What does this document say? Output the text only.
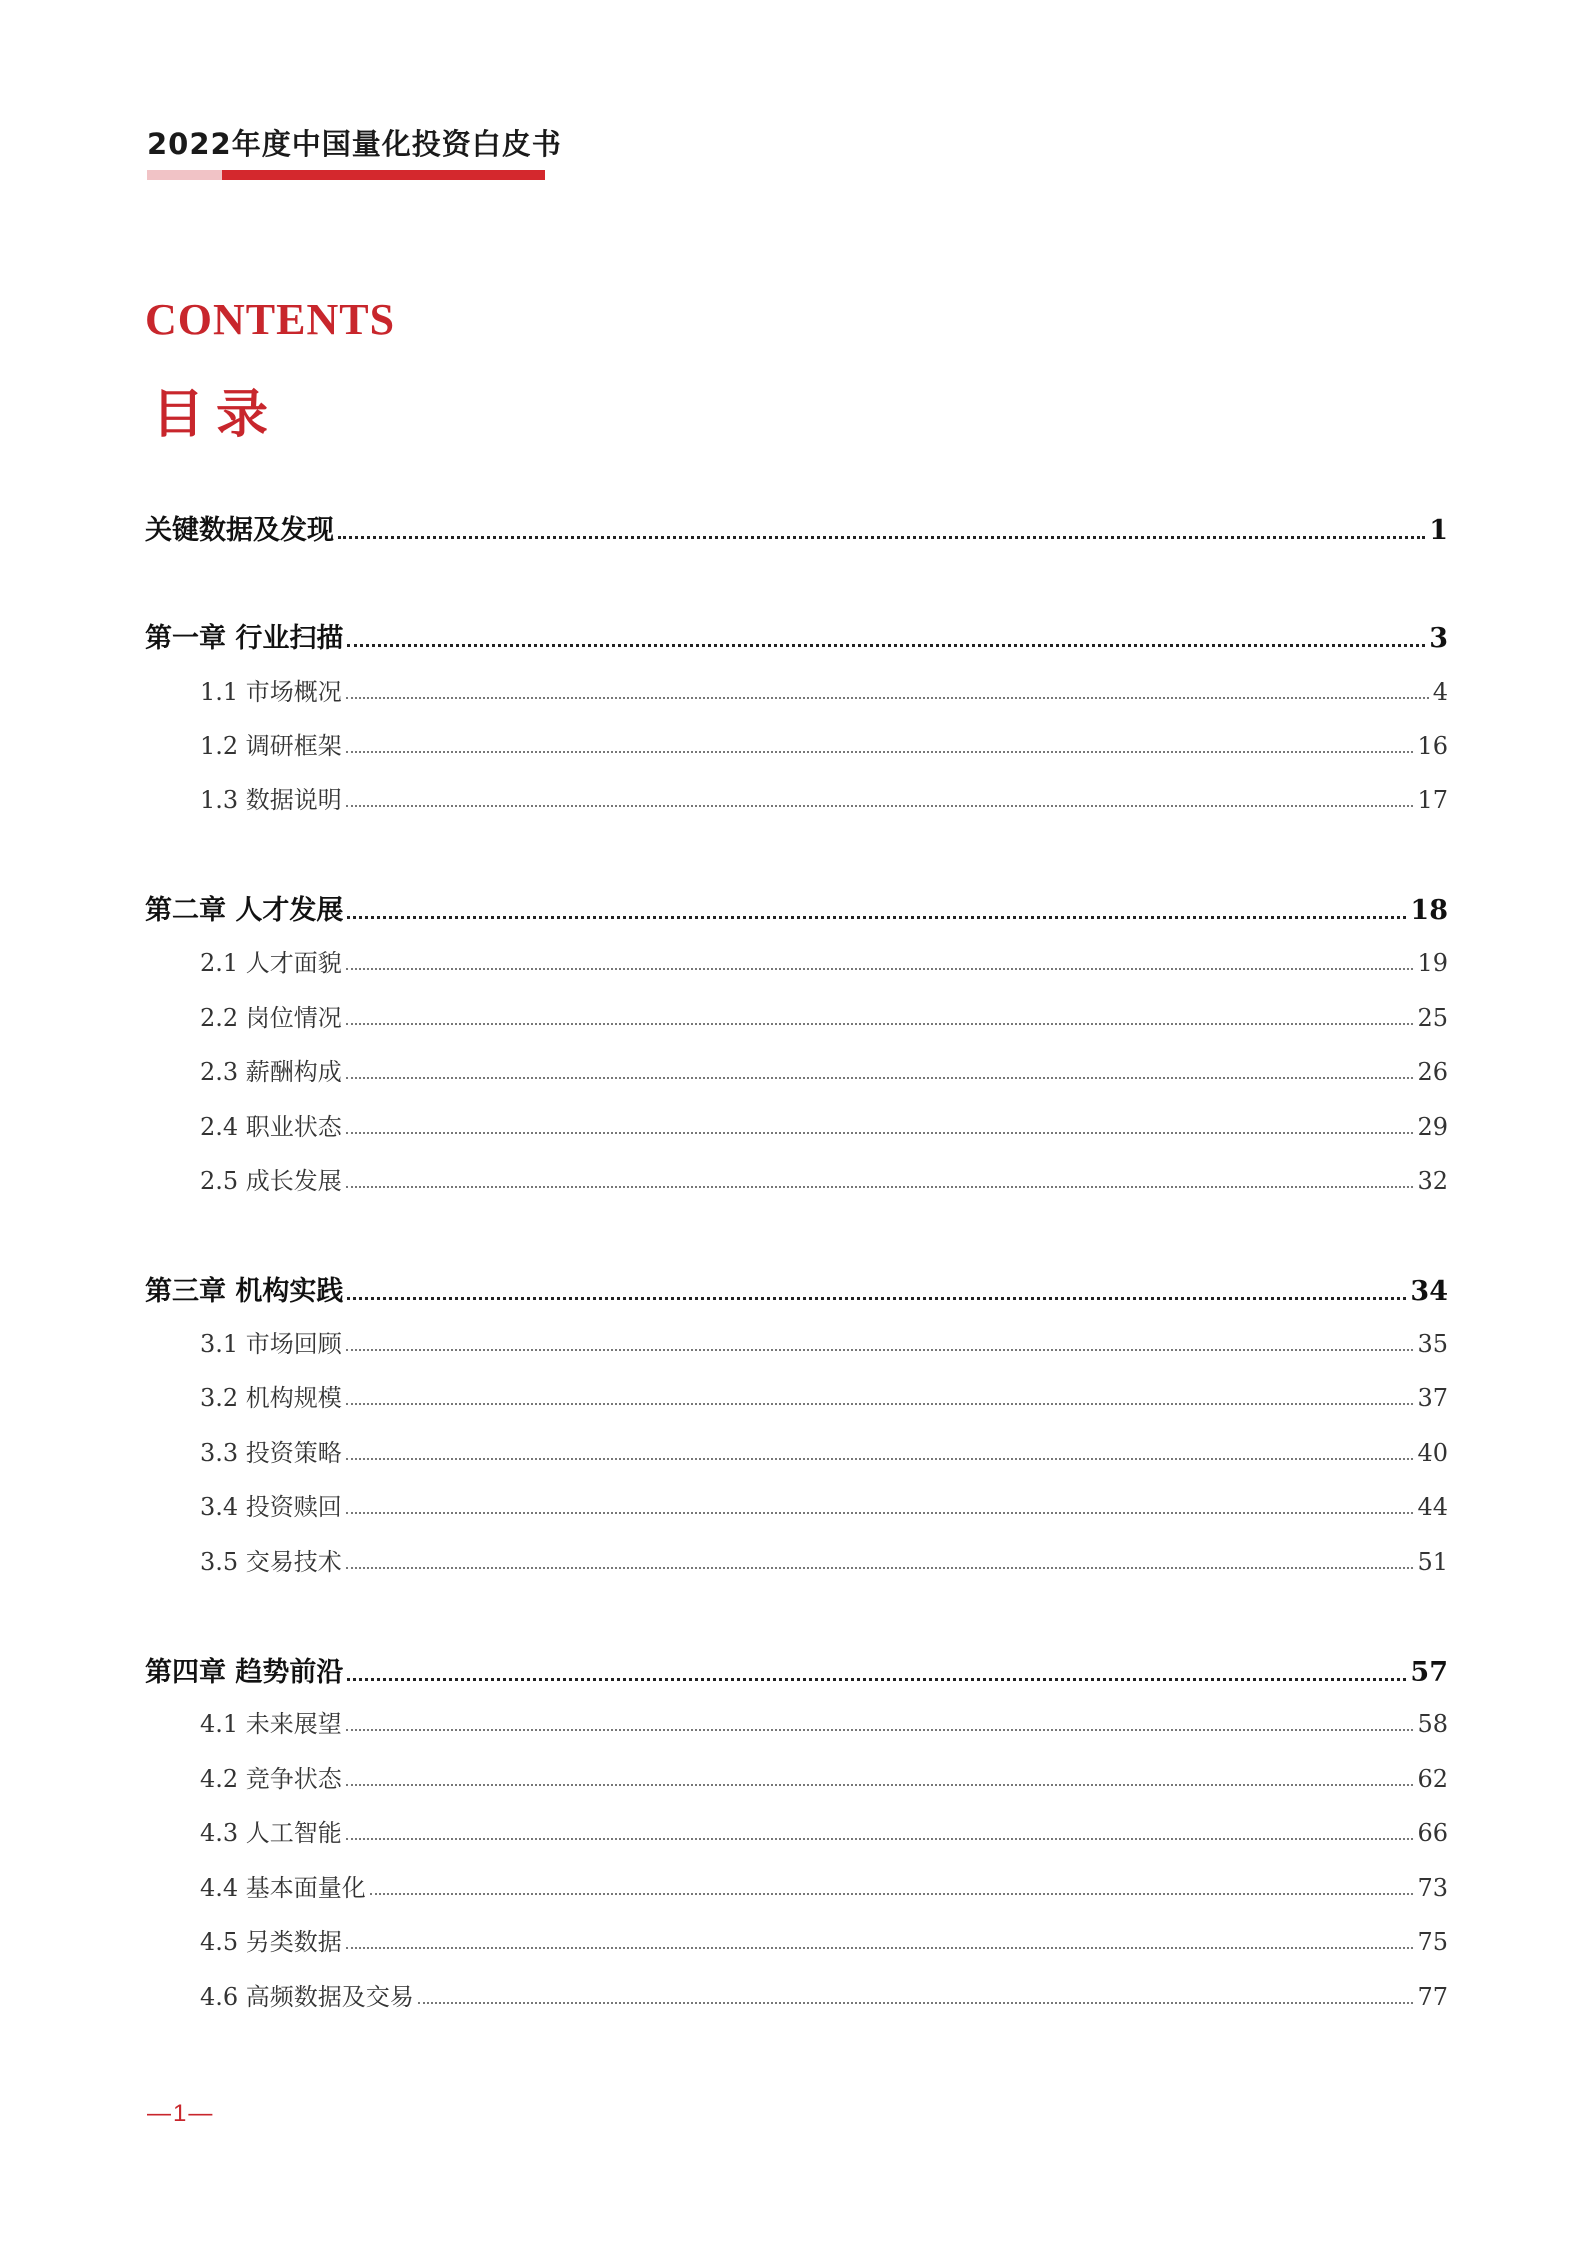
2022年度中国量化投资白皮书
CONTENTS
目录
关键数据及发现	1
第一章 行业扫描	3
1.1 市场概况	4
1.2 调研框架	16
1.3 数据说明	17
第二章 人才发展	18
2.1 人才面貌	19
2.2 岗位情况	25
2.3 薪酬构成	26
2.4 职业状态	29
2.5 成长发展	32
第三章 机构实践	34
3.1 市场回顾	35
3.2 机构规模	37
3.3 投资策略	40
3.4 投资赎回	44
3.5 交易技术	51
第四章 趋势前沿	57
4.1 未来展望	58
4.2 竞争状态	62
4.3 人工智能	66
4.4 基本面量化	73
4.5 另类数据	75
4.6 高频数据及交易	77
—1—
